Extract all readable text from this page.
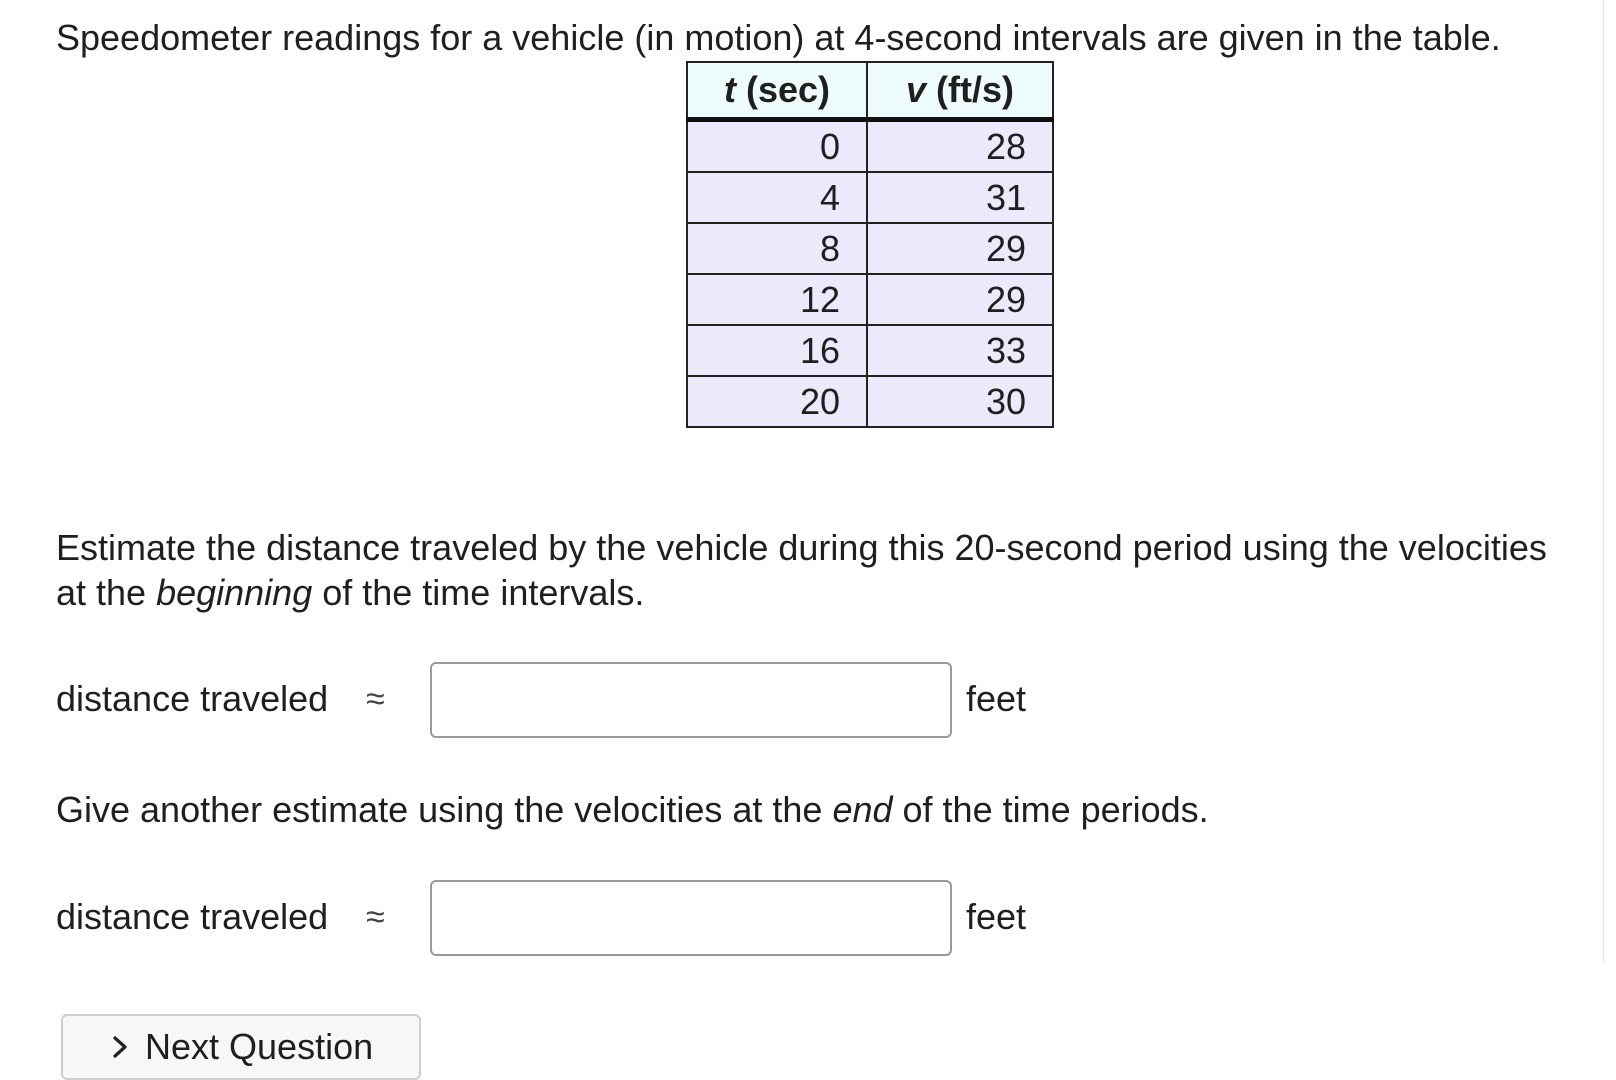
Speedometer readings for a vehicle (in motion) at 4-second intervals are given in the table.
t (sec)	v (ft/s)
0	28
4	31
8	29
12	29
16	33
20	30
Estimate the distance traveled by the vehicle during this 20-second period using the velocities at the beginning of the time intervals.
distance traveled ≈	feet
Give another estimate using the velocities at the end of the time periods.
distance traveled ≈	feet
Next Question
